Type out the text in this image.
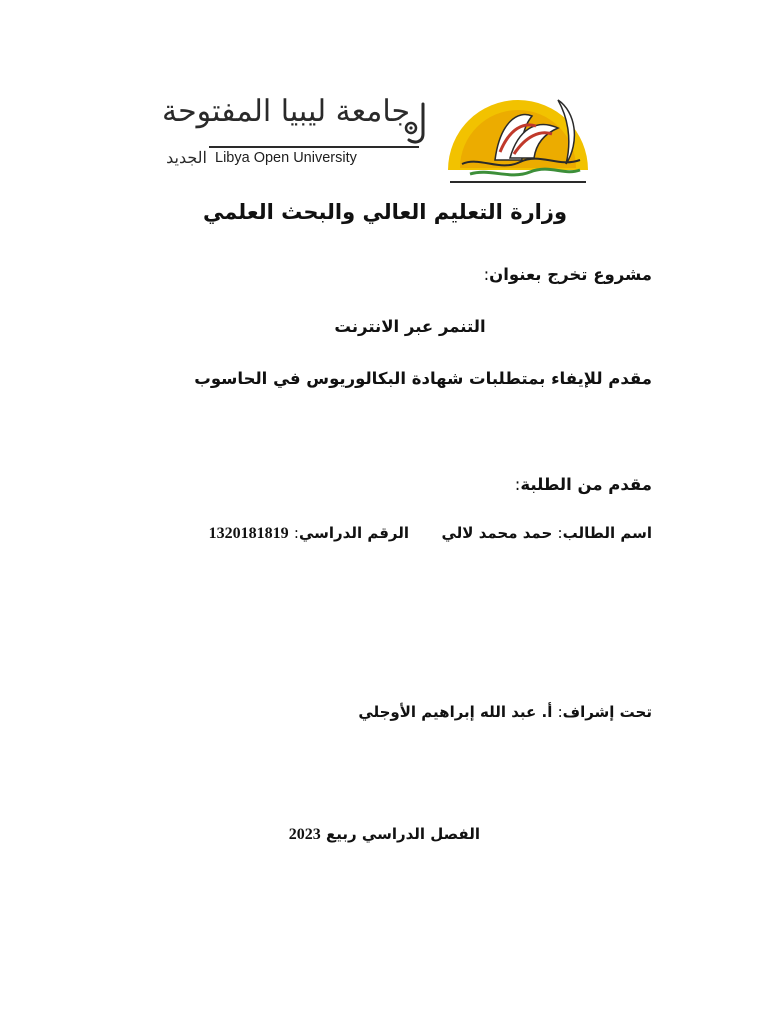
جامعة ليبيا المفتوحة
Libya Open University
الجديد
وزارة التعليم العالي والبحث العلمي
مشروع تخرج بعنوان:
التنمر عبر الانترنت
مقدم للإيفاء بمتطلبات شهادة البكالوريوس في الحاسوب
مقدم من الطلبة:
اسم الطالب: حمد محمد لالي  الرقم الدراسي: 1320181819
تحت إشراف: أ. عبد الله إبراهيم الأوجلي
الفصل الدراسي ربيع 2023
